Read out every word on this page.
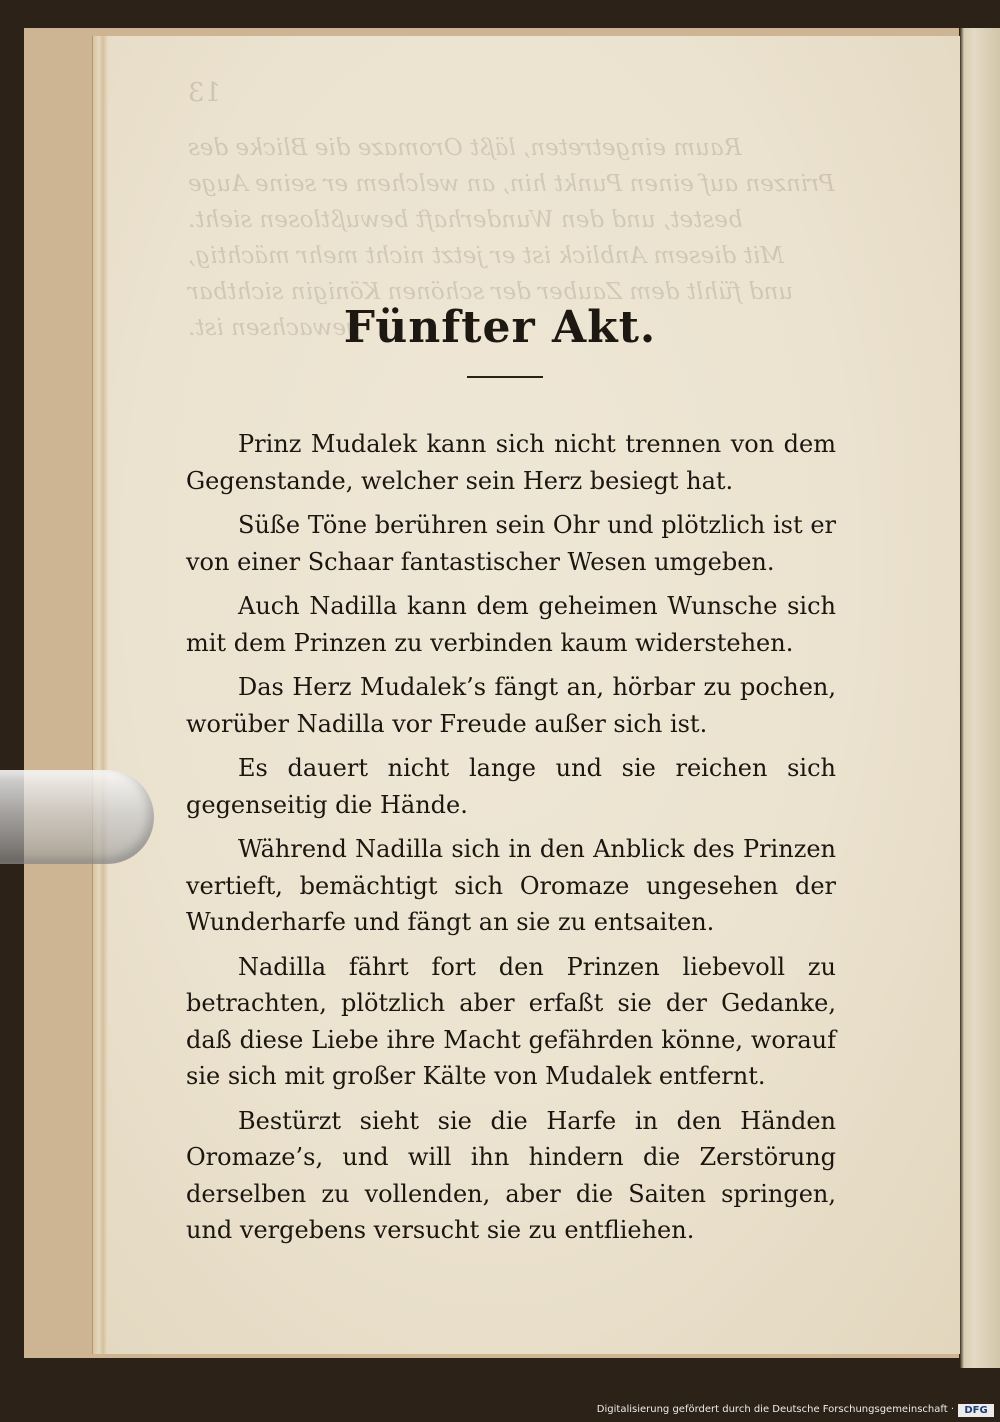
13
Raum eingetreten, läßt Oromaze die Blicke des
Prinzen auf einen Punkt hin, an welchem er seine Auge
bestet, und den Wunderhaft bewußtlosen sieht.
Mit diesem Anblick ist er jetzt nicht mehr mächtig,
und fühlt dem Zauber der schönen Königin sichtbar
gewachsen ist.
Fünfter Akt.

Prinz Mudalek kann sich nicht trennen von dem Gegenstande, welcher sein Herz besiegt hat.

Süße Töne berühren sein Ohr und plötzlich ist er von einer Schaar fantastischer Wesen umgeben.

Auch Nadilla kann dem geheimen Wunsche sich mit dem Prinzen zu verbinden kaum widerstehen.

Das Herz Mudalek’s fängt an, hörbar zu pochen, worüber Nadilla vor Freude außer sich ist.

Es dauert nicht lange und sie reichen sich gegenseitig die Hände.

Während Nadilla sich in den Anblick des Prinzen vertieft, bemächtigt sich Oromaze ungesehen der Wunderharfe und fängt an sie zu entsaiten.

Nadilla fährt fort den Prinzen liebevoll zu betrachten, plötzlich aber erfaßt sie der Gedanke, daß diese Liebe ihre Macht gefährden könne, worauf sie sich mit großer Kälte von Mudalek entfernt.

Bestürzt sieht sie die Harfe in den Händen Oromaze’s, und will ihn hindern die Zerstörung derselben zu vollenden, aber die Saiten springen, und vergebens versucht sie zu entfliehen.

Digitalisierung gefördert durch die Deutsche Forschungsgemeinschaft ·	DFG
